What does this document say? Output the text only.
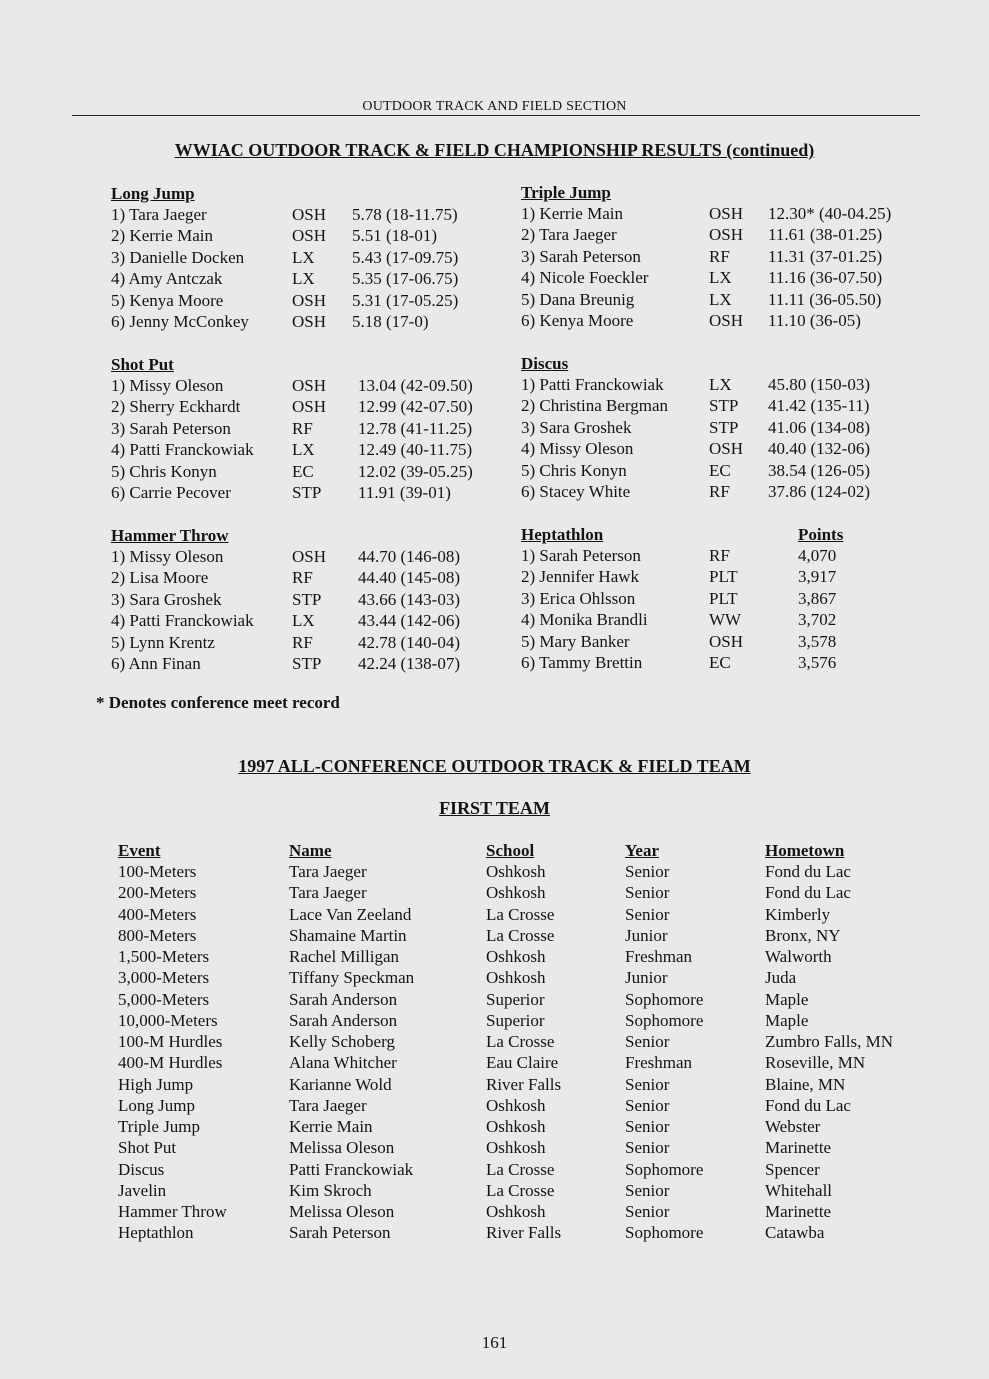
OUTDOOR TRACK AND FIELD SECTION
WWIAC OUTDOOR TRACK & FIELD CHAMPIONSHIP RESULTS (continued)
Long Jump
1) Tara Jaeger	OSH 5.78 (18-11.75)
2) Kerrie Main	OSH 5.51 (18-01)
3) Danielle Docken	LX 5.43 (17-09.75)
4) Amy Antczak	LX 5.35 (17-06.75)
5) Kenya Moore	OSH 5.31 (17-05.25)
6) Jenny McConkey	OSH 5.18 (17-0)
Triple Jump
1) Kerrie Main	OSH 12.30* (40-04.25)
2) Tara Jaeger	OSH 11.61 (38-01.25)
3) Sarah Peterson	RF 11.31 (37-01.25)
4) Nicole Foeckler	LX 11.16 (36-07.50)
5) Dana Breunig	LX 11.11 (36-05.50)
6) Kenya Moore	OSH 11.10 (36-05)
Shot Put
1) Missy Oleson	OSH 13.04 (42-09.50)
2) Sherry Eckhardt	OSH 12.99 (42-07.50)
3) Sarah Peterson	RF	12.78 (41-11.25)
4) Patti Franckowiak LX	12.49 (40-11.75)
5) Chris Konyn	EC	12.02 (39-05.25)
6) Carrie Pecover	STP 11.91 (39-01)
Discus
1) Patti Franckowiak	LX 45.80 (150-03)
2) Christina Bergman STP 41.42 (135-11)
3) Sara Groshek	STP 41.06 (134-08)
4) Missy Oleson	OSH 40.40 (132-06)
5) Chris Konyn	EC 38.54 (126-05)
6) Stacey White	RF 37.86 (124-02)
Hammer Throw
1) Missy Oleson	OSH 44.70 (146-08)
2) Lisa Moore	RF	44.40 (145-08)
3) Sara Groshek	STP 43.66 (143-03)
4) Patti Franckowiak LX	43.44 (142-06)
5) Lynn Krentz	RF	42.78 (140-04)
6) Ann Finan	STP 42.24 (138-07)
Heptathlon	Points
1) Sarah Peterson	RF	4,070
2) Jennifer Hawk	PLT	3,917
3) Erica Ohlsson	PLT	3,867
4) Monika Brandli	WW	3,702
5) Mary Banker	OSH	3,578
6) Tammy Brettin	EC	3,576
* Denotes conference meet record
1997 ALL-CONFERENCE OUTDOOR TRACK & FIELD TEAM
FIRST TEAM
Event	Name	School	Year	Hometown
100-Meters	Tara Jaeger	Oshkosh	Senior	Fond du Lac
200-Meters	Tara Jaeger	Oshkosh	Senior	Fond du Lac
400-Meters	Lace Van Zeeland	La Crosse	Senior	Kimberly
800-Meters	Shamaine Martin	La Crosse	Junior	Bronx, NY
1,500-Meters	Rachel Milligan	Oshkosh	Freshman	Walworth
3,000-Meters	Tiffany Speckman	Oshkosh	Junior	Juda
5,000-Meters	Sarah Anderson	Superior	Sophomore	Maple
10,000-Meters	Sarah Anderson	Superior	Sophomore	Maple
100-M Hurdles	Kelly Schoberg	La Crosse	Senior	Zumbro Falls, MN
400-M Hurdles	Alana Whitcher	Eau Claire	Freshman	Roseville, MN
High Jump	Karianne Wold	River Falls	Senior	Blaine, MN
Long Jump	Tara Jaeger	Oshkosh	Senior	Fond du Lac
Triple Jump	Kerrie Main	Oshkosh	Senior	Webster
Shot Put	Melissa Oleson	Oshkosh	Senior	Marinette
Discus	Patti Franckowiak	La Crosse	Sophomore	Spencer
Javelin	Kim Skroch	La Crosse	Senior	Whitehall
Hammer Throw	Melissa Oleson	Oshkosh	Senior	Marinette
Heptathlon	Sarah Peterson	River Falls	Sophomore	Catawba
161
